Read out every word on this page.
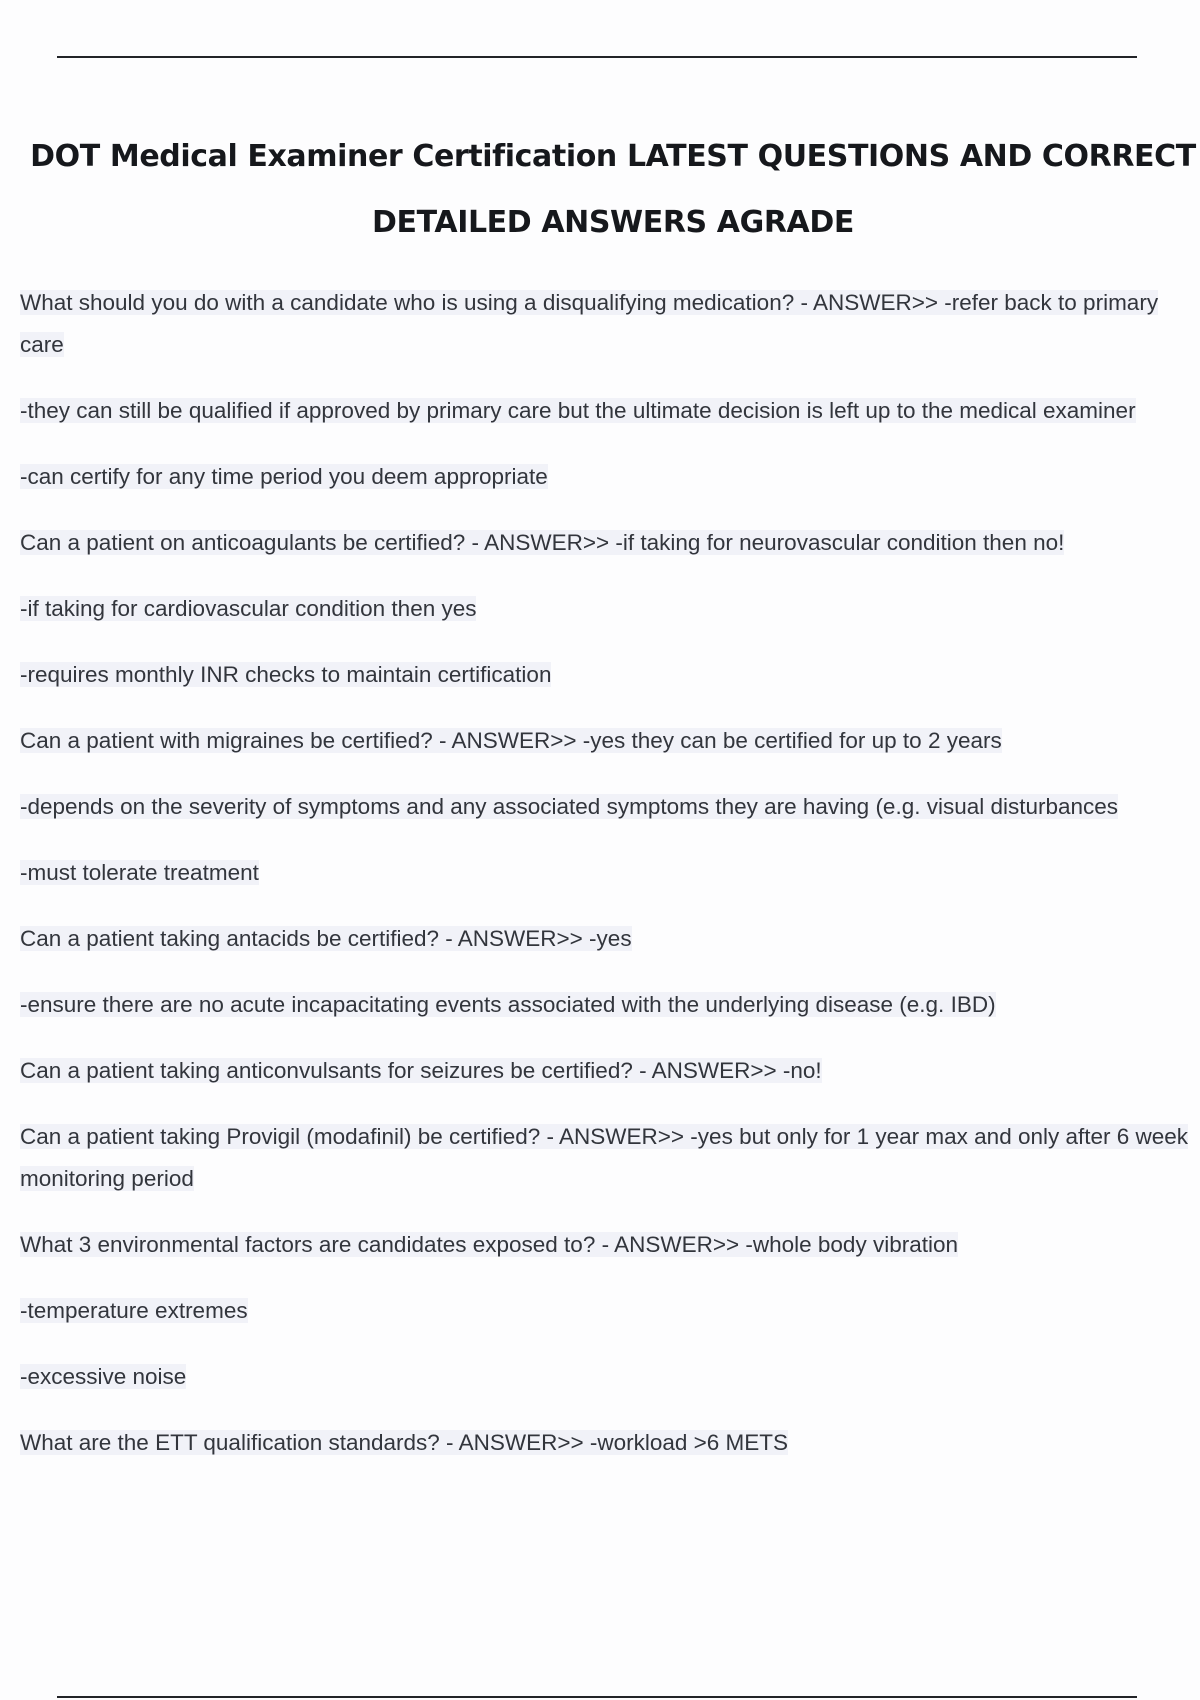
DOT Medical Examiner Certification LATEST QUESTIONS AND CORRECT DETAILED ANSWERS AGRADE

What should you do with a candidate who is using a disqualifying medication? - ANSWER>> -refer back to primary care

-they can still be qualified if approved by primary care but the ultimate decision is left up to the medical examiner

-can certify for any time period you deem appropriate

Can a patient on anticoagulants be certified? - ANSWER>> -if taking for neurovascular condition then no!

-if taking for cardiovascular condition then yes

-requires monthly INR checks to maintain certification

Can a patient with migraines be certified? - ANSWER>> -yes they can be certified for up to 2 years

-depends on the severity of symptoms and any associated symptoms they are having (e.g. visual disturbances

-must tolerate treatment

Can a patient taking antacids be certified? - ANSWER>> -yes

-ensure there are no acute incapacitating events associated with the underlying disease (e.g. IBD)

Can a patient taking anticonvulsants for seizures be certified? - ANSWER>> -no!

Can a patient taking Provigil (modafinil) be certified? - ANSWER>> -yes but only for 1 year max and only after 6 week monitoring period

What 3 environmental factors are candidates exposed to? - ANSWER>> -whole body vibration

-temperature extremes

-excessive noise

What are the ETT qualification standards? - ANSWER>> -workload >6 METS
